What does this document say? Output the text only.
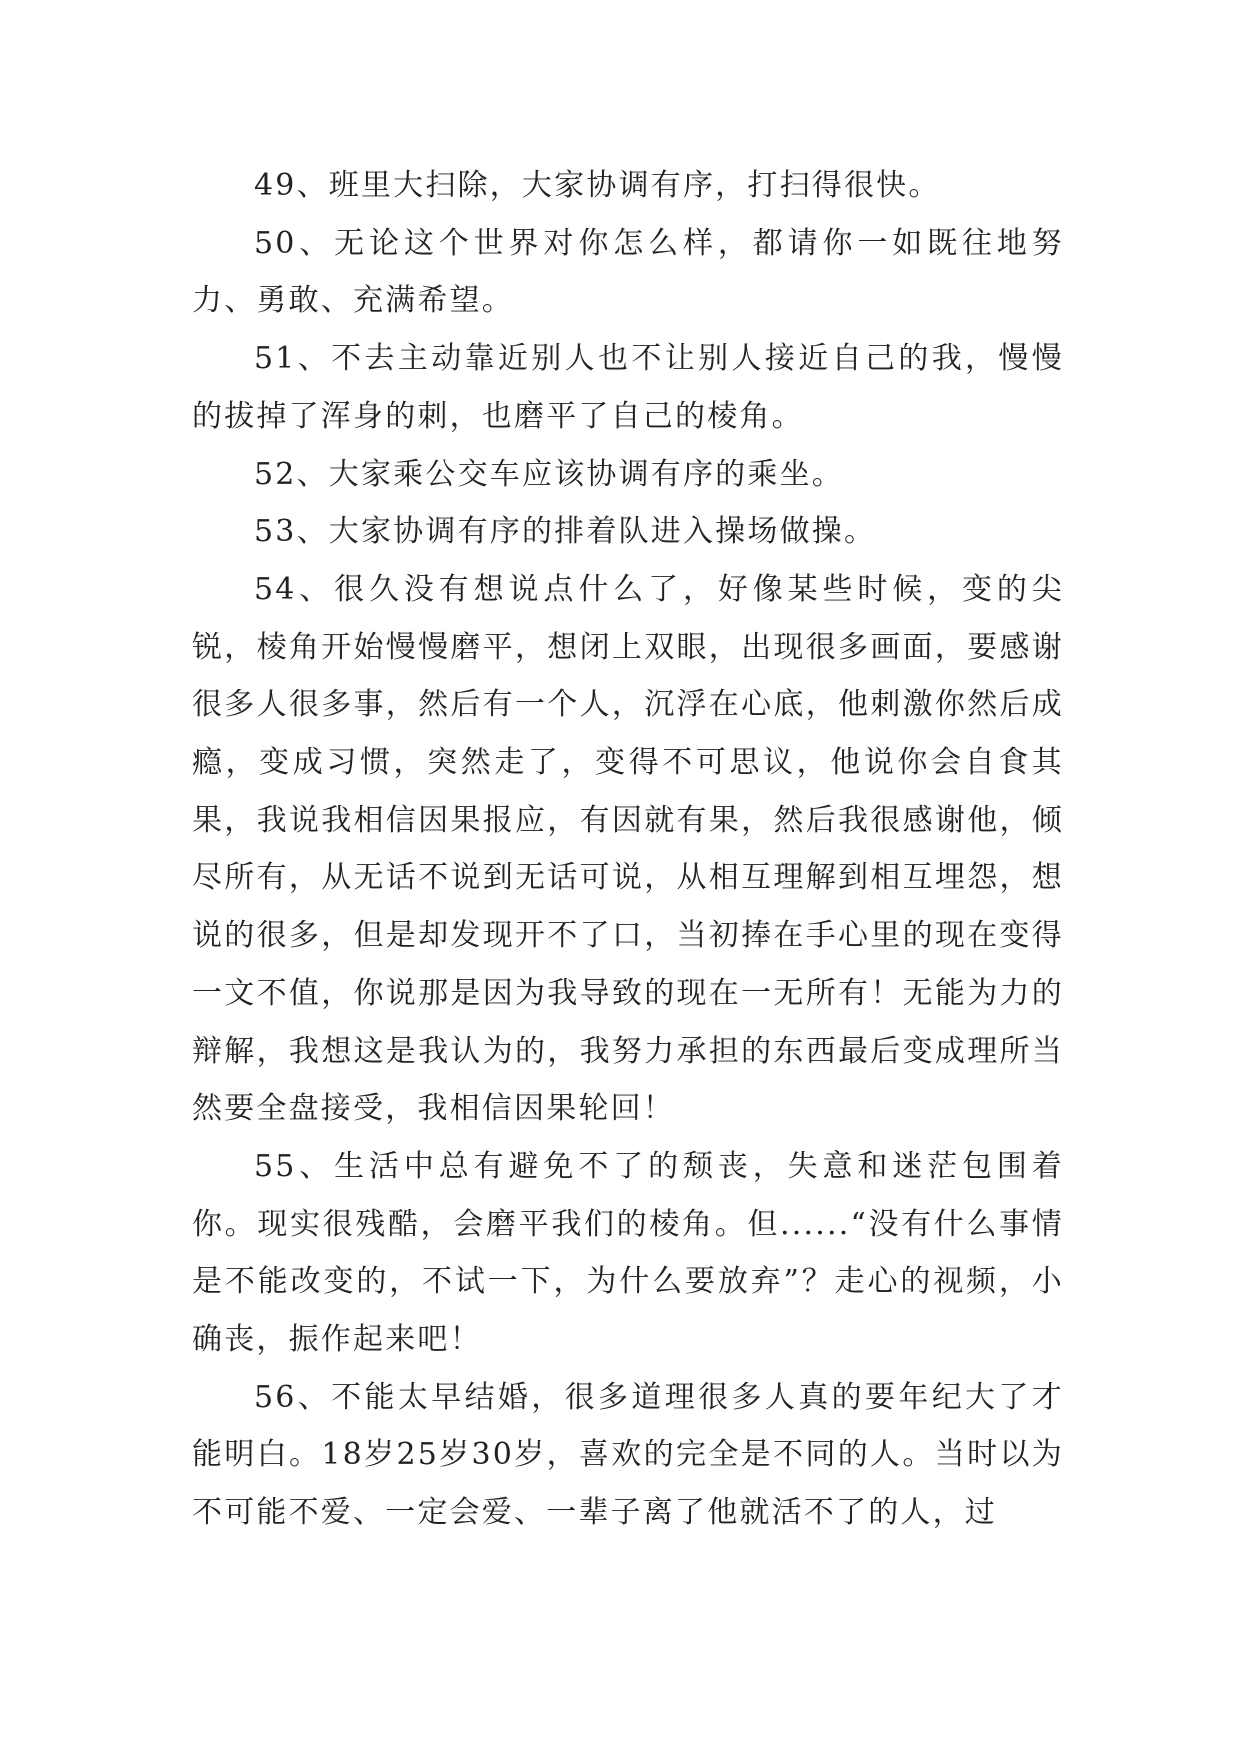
49、班里大扫除，大家协调有序，打扫得很快。

50、无论这个世界对你怎么样，都请你一如既往地努力、勇敢、充满希望。

51、不去主动靠近别人也不让别人接近自己的我，慢慢的拔掉了浑身的刺，也磨平了自己的棱角。

52、大家乘公交车应该协调有序的乘坐。

53、大家协调有序的排着队进入操场做操。

54、很久没有想说点什么了，好像某些时候，变的尖锐，棱角开始慢慢磨平，想闭上双眼，出现很多画面，要感谢很多人很多事，然后有一个人，沉浮在心底，他刺激你然后成瘾，变成习惯，突然走了，变得不可思议，他说你会自食其果，我说我相信因果报应，有因就有果，然后我很感谢他，倾尽所有，从无话不说到无话可说，从相互理解到相互埋怨，想说的很多，但是却发现开不了口，当初捧在手心里的现在变得一文不值，你说那是因为我导致的现在一无所有！无能为力的辩解，我想这是我认为的，我努力承担的东西最后变成理所当然要全盘接受，我相信因果轮回！

55、生活中总有避免不了的颓丧，失意和迷茫包围着你。现实很残酷，会磨平我们的棱角。但......“没有什么事情是不能改变的，不试一下，为什么要放弃”？走心的视频，小确丧，振作起来吧！

56、不能太早结婚，很多道理很多人真的要年纪大了才能明白。18岁25岁30岁，喜欢的完全是不同的人。当时以为不可能不爱、一定会爱、一辈子离了他就活不了的人，过
